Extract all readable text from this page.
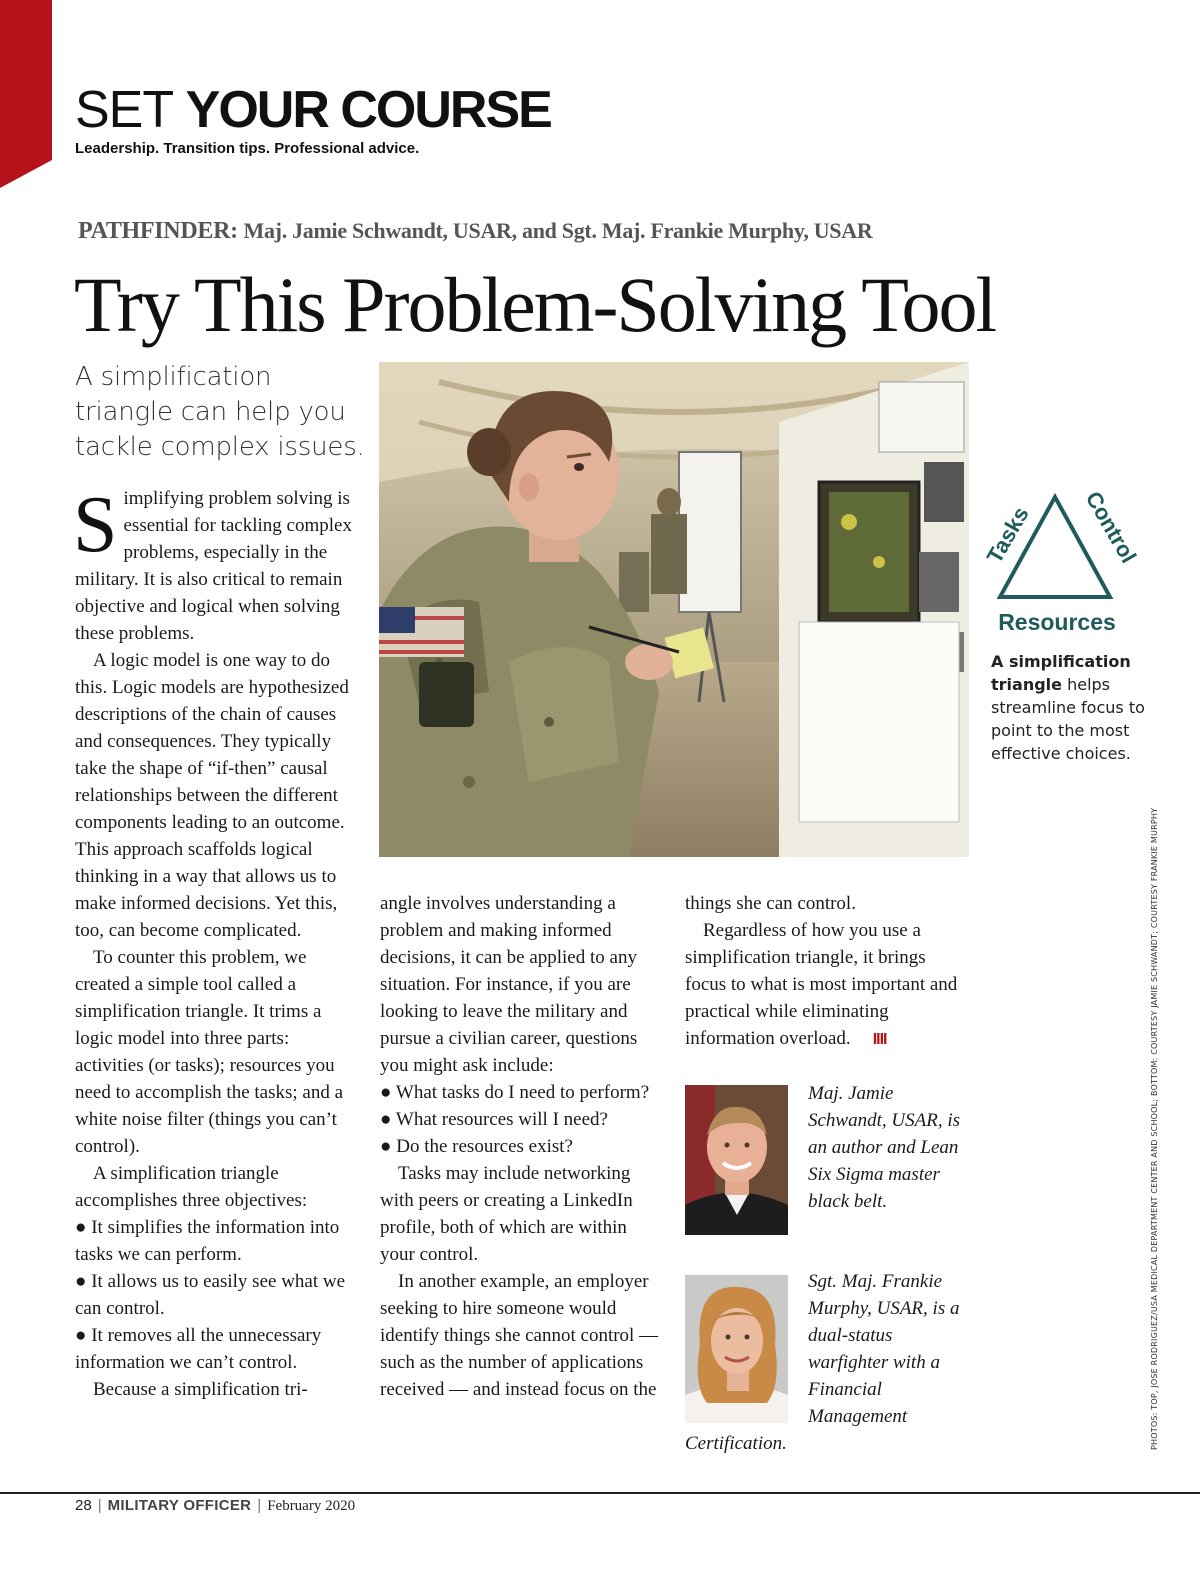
SET YOUR COURSE
Leadership. Transition tips. Professional advice.
PATHFINDER: Maj. Jamie Schwandt, USAR, and Sgt. Maj. Frankie Murphy, USAR
Try This Problem-Solving Tool
A simplification triangle can help you tackle complex issues.
S implifying problem solving is essential for tackling complex problems, especially in the military. It is also critical to remain objective and logical when solving these problems.

A logic model is one way to do this. Logic models are hypothesized descriptions of the chain of causes and consequences. They typically take the shape of “if-then” causal relationships between the different components leading to an outcome. This approach scaffolds logical thinking in a way that allows us to make informed decisions. Yet this, too, can become complicated.

To counter this problem, we created a simple tool called a simplification triangle. It trims a logic model into three parts: activities (or tasks); resources you need to accomplish the tasks; and a white noise filter (things you can’t control).

A simplification triangle accomplishes three objectives:

● It simplifies the information into tasks we can perform.

● It allows us to easily see what we can control.

● It removes all the unnecessary information we can’t control.

Because a simplification tri-

angle involves understanding a problem and making informed decisions, it can be applied to any situation. For instance, if you are looking to leave the military and pursue a civilian career, questions you might ask include:

● What tasks do I need to perform?

● What resources will I need?

● Do the resources exist?

Tasks may include networking with peers or creating a LinkedIn profile, both of which are within your control.

In another example, an employer seeking to hire someone would identify things she cannot control — such as the number of applications received — and instead focus on the

things she can control.

Regardless of how you use a simplification triangle, it brings focus to what is most important and practical while eliminating information overload. IIII

Maj. Jamie Schwandt, USAR, is an author and Lean Six Sigma master black belt.
Sgt. Maj. Frankie Murphy, USAR, is a dual-status warfighter with a Financial Management
Certification.
Tasks Control
Resources
A simplification triangle helps streamline focus to point to the most effective choices.
PHOTOS: TOP, JOSE RODRIGUEZ/USA MEDICAL DEPARTMENT CENTER AND SCHOOL; BOTTOM: COURTESY JAMIE SCHWANDT; COURTESY FRANKIE MURPHY
28 | MILITARY OFFICER | February 2020
